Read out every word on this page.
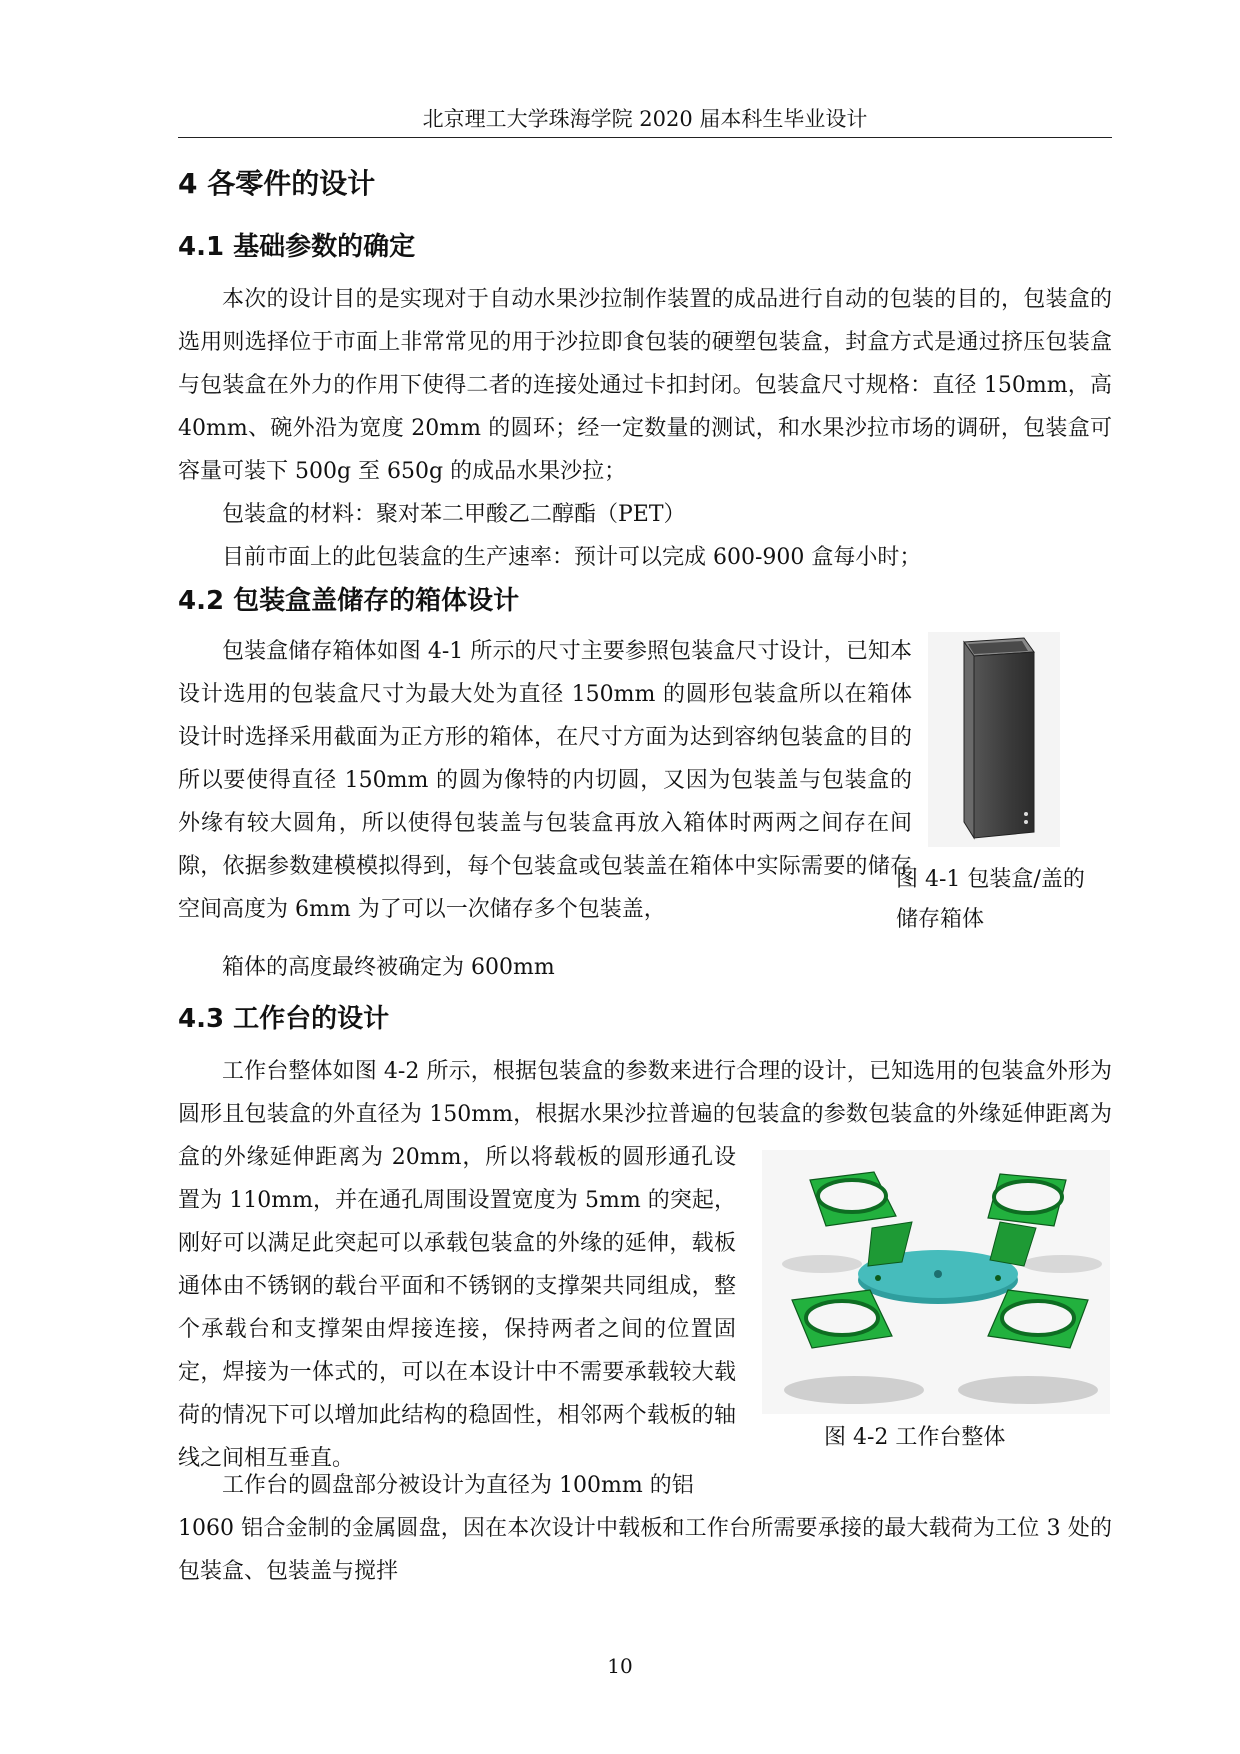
北京理工大学珠海学院 2020 届本科生毕业设计
4 各零件的设计
4.1 基础参数的确定

本次的设计目的是实现对于自动水果沙拉制作装置的成品进行自动的包装的目的，包装盒的选用则选择位于市面上非常常见的用于沙拉即食包装的硬塑包装盒，封盒方式是通过挤压包装盒与包装盒在外力的作用下使得二者的连接处通过卡扣封闭。包装盒尺寸规格：直径 150mm，高 40mm、碗外沿为宽度 20mm 的圆环；经一定数量的测试，和水果沙拉市场的调研，包装盒可容量可装下 500g 至 650g 的成品水果沙拉；

包装盒的材料：聚对苯二甲酸乙二醇酯（PET）

目前市面上的此包装盒的生产速率：预计可以完成 600-900 盒每小时；

4.2 包装盒盖储存的箱体设计

包装盒储存箱体如图 4-1 所示的尺寸主要参照包装盒尺寸设计，已知本设计选用的包装盒尺寸为最大处为直径 150mm 的圆形包装盒所以在箱体设计时选择采用截面为正方形的箱体，在尺寸方面为达到容纳包装盒的目的所以要使得直径 150mm 的圆为像特的内切圆，又因为包装盖与包装盒的外缘有较大圆角，所以使得包装盖与包装盒再放入箱体时两两之间存在间隙，依据参数建模模拟得到，每个包装盒或包装盖在箱体中实际需要的储存空间高度为 6mm 为了可以一次储存多个包装盖，

箱体的高度最终被确定为 600mm

图 4-1 包装盒/盖的储存箱体

4.3 工作台的设计

工作台整体如图 4-2 所示，根据包装盒的参数来进行合理的设计，已知选用的包装盒外形为圆形且包装盒的外直径为 150mm，根据水果沙拉普遍的包装盒的参数包装盒的外缘延伸距离为

盒的外缘延伸距离为 20mm，所以将载板的圆形通孔设置为 110mm，并在通孔周围设置宽度为 5mm 的突起，刚好可以满足此突起可以承载包装盒的外缘的延伸，载板通体由不锈钢的载台平面和不锈钢的支撑架共同组成，整个承载台和支撑架由焊接连接，保持两者之间的位置固定，焊接为一体式的，可以在本设计中不需要承载较大载荷的情况下可以增加此结构的稳固性，相邻两个载板的轴线之间相互垂直。

图 4-2 工作台整体

工作台的圆盘部分被设计为直径为 100mm 的铝

1060 铝合金制的金属圆盘，因在本次设计中载板和工作台所需要承接的最大载荷为工位 3 处的包装盒、包装盖与搅拌

10
